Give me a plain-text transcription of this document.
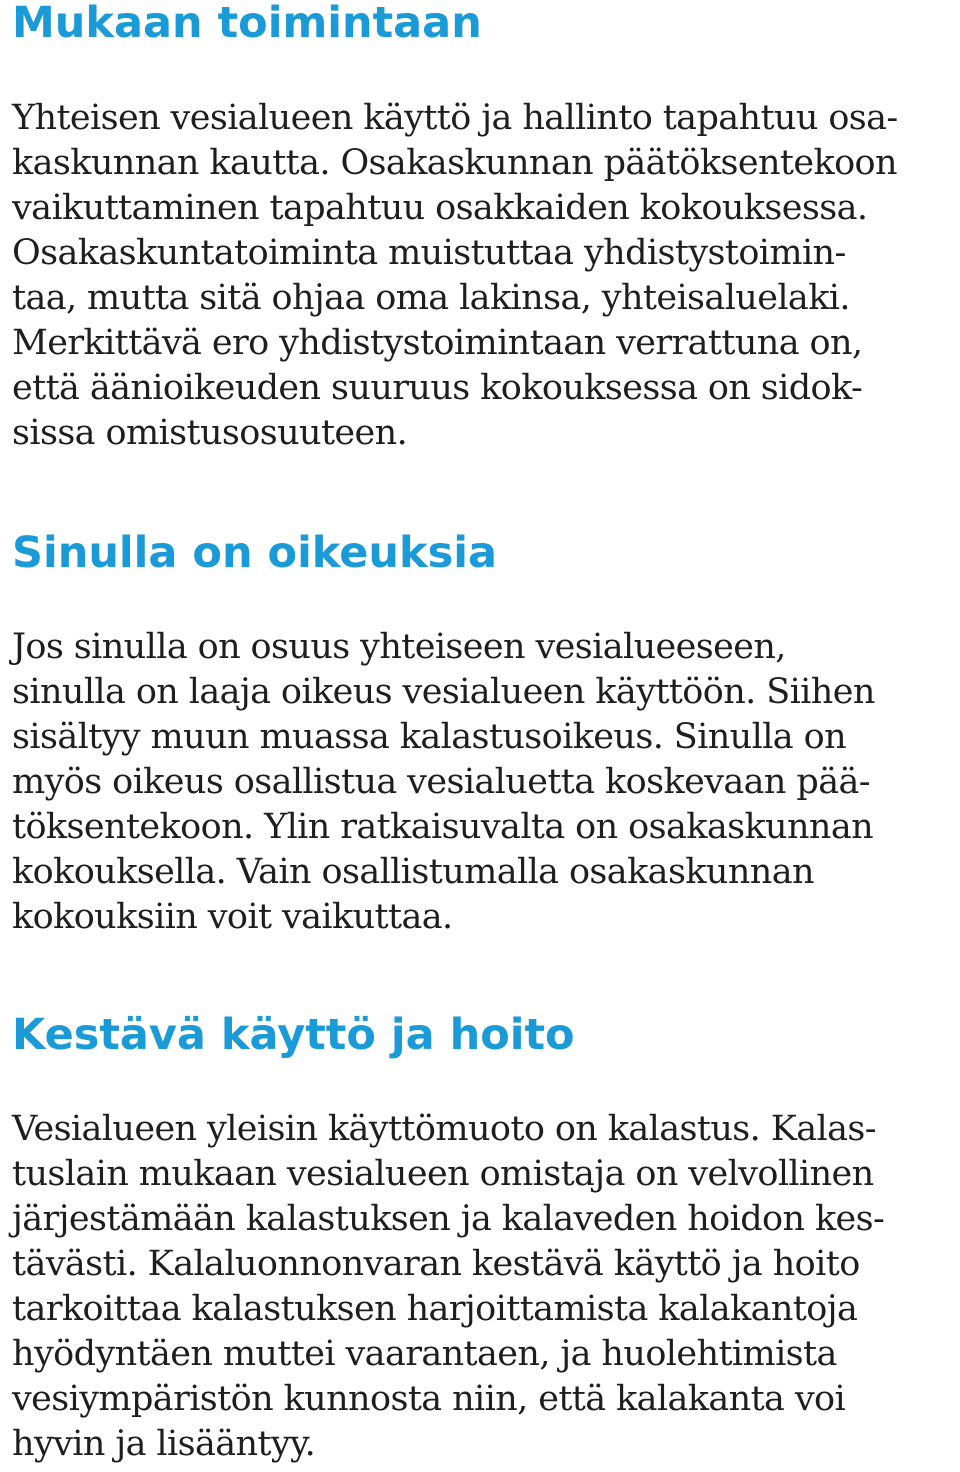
Mukaan toimintaan
Yhteisen vesialueen käyttö ja hallinto tapahtuu osa-
kaskunnan kautta. Osakaskunnan päätöksentekoon
vaikuttaminen tapahtuu osakkaiden kokouksessa.
Osakaskuntatoiminta muistuttaa yhdistystoimin-
taa, mutta sitä ohjaa oma lakinsa, yhteisaluelaki.
Merkittävä ero yhdistystoimintaan verrattuna on,
että äänioikeuden suuruus kokouksessa on sidok-
sissa omistusosuuteen.
Sinulla on oikeuksia
Jos sinulla on osuus yhteiseen vesialueeseen,
sinulla on laaja oikeus vesialueen käyttöön. Siihen
sisältyy muun muassa kalastusoikeus. Sinulla on
myös oikeus osallistua vesialuetta koskevaan pää-
töksentekoon. Ylin ratkaisuvalta on osakaskunnan
kokouksella. Vain osallistumalla osakaskunnan
kokouksiin voit vaikuttaa.
Kestävä käyttö ja hoito
Vesialueen yleisin käyttömuoto on kalastus. Kalas-
tuslain mukaan vesialueen omistaja on velvollinen
järjestämään kalastuksen ja kalaveden hoidon kes-
tävästi. Kalaluonnonvaran kestävä käyttö ja hoito
tarkoittaa kalastuksen harjoittamista kalakantoja
hyödyntäen muttei vaarantaen, ja huolehtimista
vesiympäristön kunnosta niin, että kalakanta voi
hyvin ja lisääntyy.
